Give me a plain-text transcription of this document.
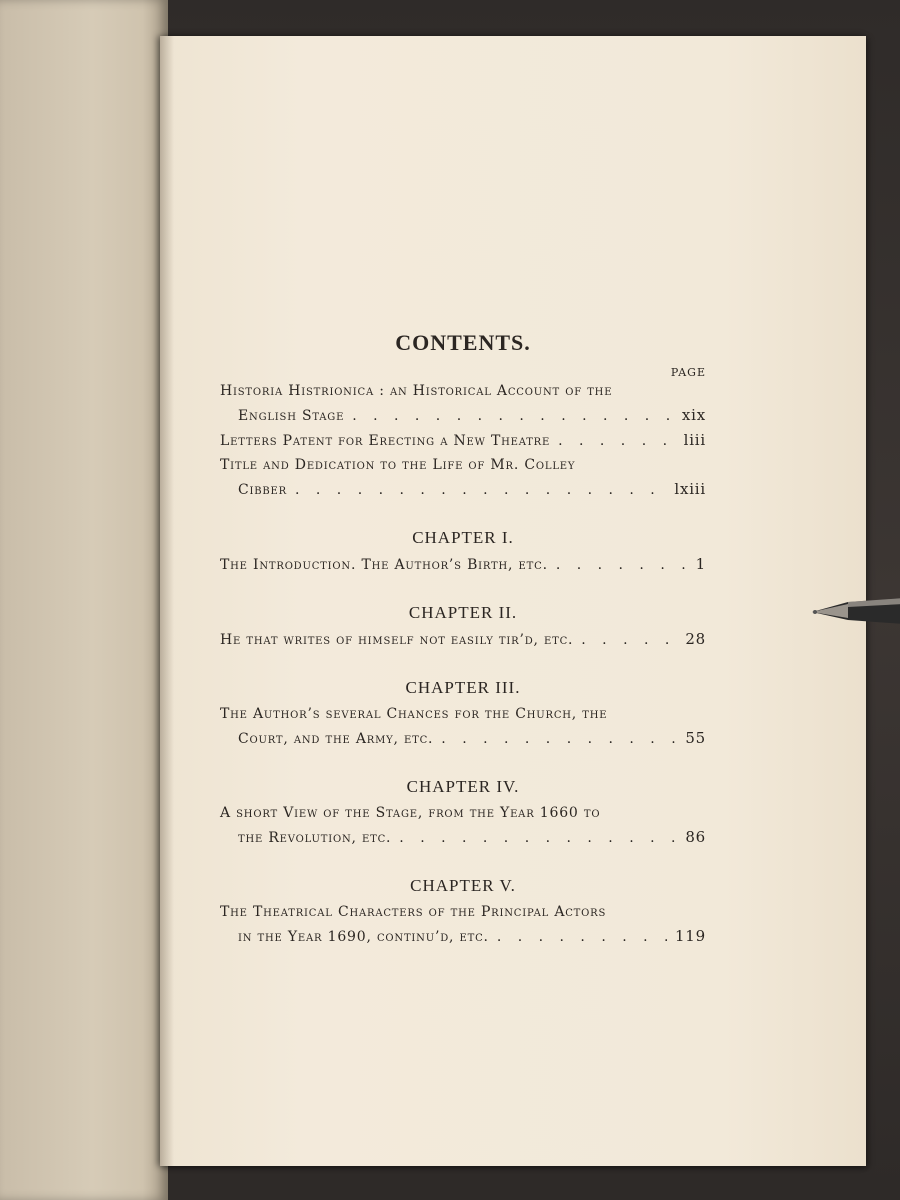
CONTENTS.
PAGE
Historia Histrionica : an Historical Account of the
English Stage . . .	xix
Letters Patent for Erecting a New Theatre . . .	liii
Title and Dedication to the Life of Mr. Colley
Cibber . . .	lxiii
CHAPTER I.
The Introduction. The Author’s Birth, etc. . . .	1
CHAPTER II.
He that writes of himself not easily tir’d, etc. . . .	28
CHAPTER III.
The Author’s several Chances for the Church, the
Court, and the Army, etc. . . .	55
CHAPTER IV.
A short View of the Stage, from the Year 1660 to
the Revolution, etc. . . .	86
CHAPTER V.
The Theatrical Characters of the Principal Actors
in the Year 1690, continu’d, etc. . . .	119
